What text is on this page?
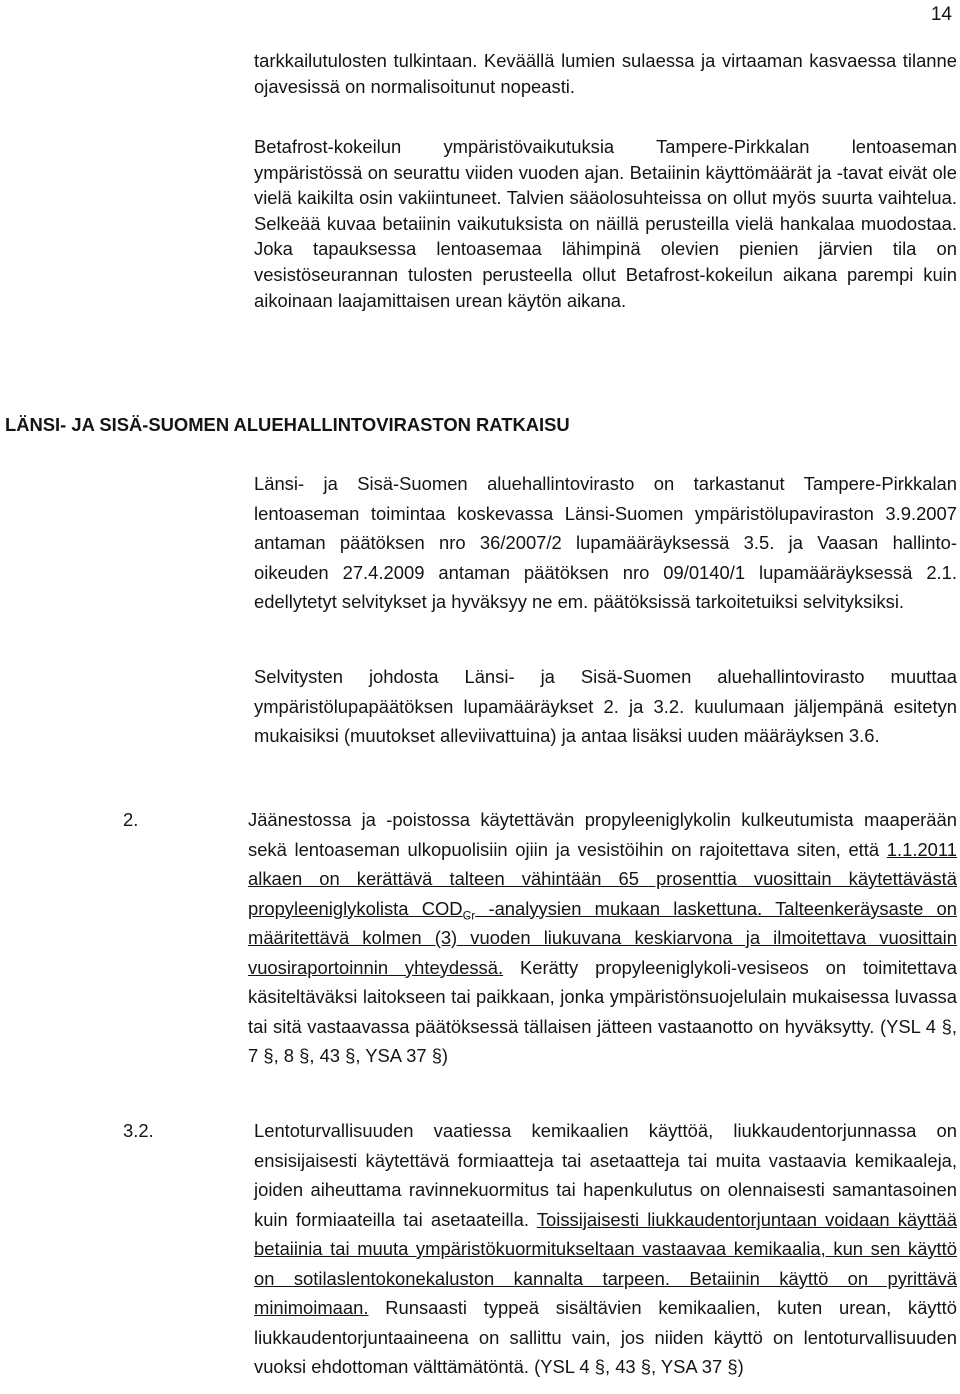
14

tarkkailutulosten tulkintaan. Keväällä lumien sulaessa ja virtaaman kasvaessa tilanne ojavesissä on normalisoitunut nopeasti.

Betafrost-kokeilun ympäristövaikutuksia Tampere-Pirkkalan lentoaseman ympäristössä on seurattu viiden vuoden ajan. Betaiinin käyttömäärät ja -tavat eivät ole vielä kaikilta osin vakiintuneet. Talvien sääolosuhteissa on ollut myös suurta vaihtelua. Selkeää kuvaa betaiinin vaikutuksista on näillä perusteilla vielä hankalaa muodostaa. Joka tapauksessa lentoasemaa lähimpinä olevien pienien järvien tila on vesistöseurannan tulosten perusteella ollut Betafrost-kokeilun aikana parempi kuin aikoinaan laajamittaisen urean käytön aikana.

LÄNSI- JA SISÄ-SUOMEN ALUEHALLINTOVIRASTON RATKAISU

Länsi- ja Sisä-Suomen aluehallintovirasto on tarkastanut Tampere-Pirkkalan lentoaseman toimintaa koskevassa Länsi-Suomen ympäristölupaviraston 3.9.2007 antaman päätöksen nro 36/2007/2 lupamääräyksessä 3.5. ja Vaasan hallinto-oikeuden 27.4.2009 antaman päätöksen nro 09/0140/1 lupamääräyksessä 2.1. edellytetyt selvitykset ja hyväksyy ne em. päätöksissä tarkoitetuiksi selvityksiksi.

Selvitysten johdosta Länsi- ja Sisä-Suomen aluehallintovirasto muuttaa ympäristölupapäätöksen lupamääräykset 2. ja 3.2. kuulumaan jäljempänä esitetyn mukaisiksi (muutokset alleviivattuina) ja antaa lisäksi uuden määräyksen 3.6.

2.	Jäänestossa ja -poistossa käytettävän propyleeniglykolin kulkeutumista maaperään sekä lentoaseman ulkopuolisiin ojiin ja vesistöihin on rajoitettava siten, että 1.1.2011 alkaen on kerättävä talteen vähintään 65 prosenttia vuosittain käytettävästä propyleeniglykolista $COD_{Cr}$ -analyysien mukaan laskettuna. Talteenkeräysaste on määritettävä kolmen (3) vuoden liukuvana keskiarvona ja ilmoitettava vuosittain vuosiraportoinnin yhteydessä. Kerätty propyleeniglykoli-vesiseos on toimitettava käsiteltäväksi laitokseen tai paikkaan, jonka ympäristönsuojelulain mukaisessa luvassa tai sitä vastaavassa päätöksessä tällaisen jätteen vastaanotto on hyväksytty. (YSL 4 §, 7 §, 8 §, 43 §, YSA 37 §)

3.2.	Lentoturvallisuuden vaatiessa kemikaalien käyttöä, liukkaudentorjunnassa on ensisijaisesti käytettävä formiaatteja tai asetaatteja tai muita vastaavia kemikaaleja, joiden aiheuttama ravinnekuormitus tai hapenkulutus on olennaisesti samantasoinen kuin formiaateilla tai asetaateilla. Toissijaisesti liukkaudentorjuntaan voidaan käyttää betaiinia tai muuta ympäristökuormitukseltaan vastaavaa kemikaalia, kun sen käyttö on sotilaslentokonekaluston kannalta tarpeen. Betaiinin käyttö on pyrittävä minimoimaan. Runsaasti typpeä sisältävien kemikaalien, kuten urean, käyttö liukkaudentorjuntaaineena on sallittu vain, jos niiden käyttö on lentoturvallisuuden vuoksi ehdottoman välttämätöntä. (YSL 4 §, 43 §, YSA 37 §)
